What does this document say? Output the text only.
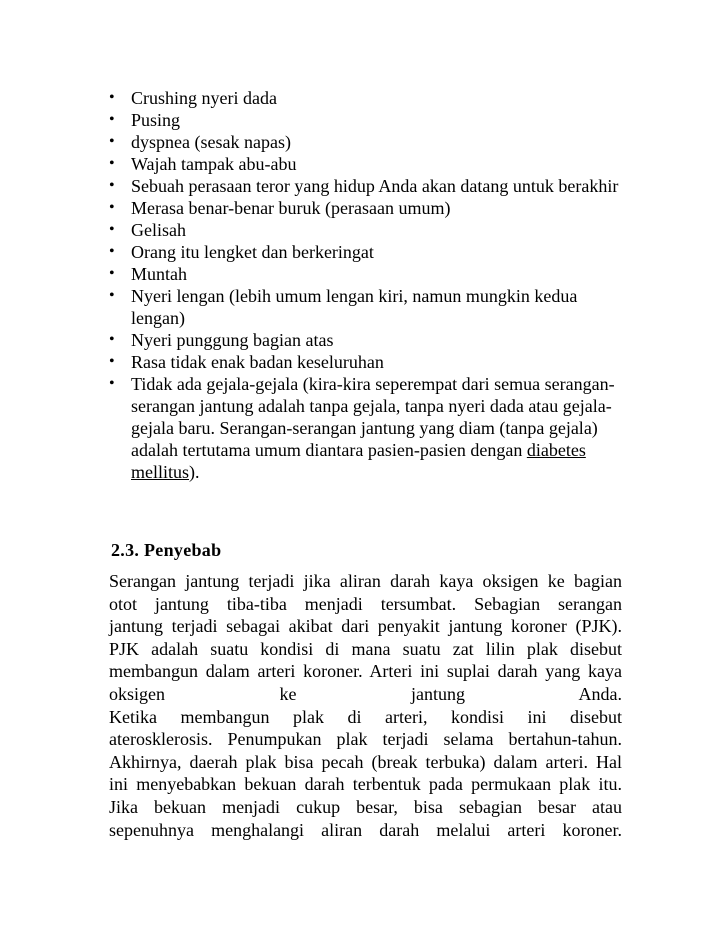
• Crushing nyeri dada
• Pusing
• dyspnea (sesak napas)
• Wajah tampak abu-abu
• Sebuah perasaan teror yang hidup Anda akan datang untuk berakhir
• Merasa benar-benar buruk (perasaan umum)
• Gelisah
• Orang itu lengket dan berkeringat
• Muntah
• Nyeri lengan (lebih umum lengan kiri, namun mungkin kedua lengan)
• Nyeri punggung bagian atas
• Rasa tidak enak badan keseluruhan
• Tidak ada gejala-gejala (kira-kira seperempat dari semua serangan-serangan jantung adalah tanpa gejala, tanpa nyeri dada atau gejala-gejala baru. Serangan-serangan jantung yang diam (tanpa gejala) adalah tertutama umum diantara pasien-pasien dengan diabetes mellitus).
2.3. Penyebab

Serangan jantung terjadi jika aliran darah kaya oksigen ke bagian
otot jantung tiba-tiba menjadi tersumbat. Sebagian serangan
jantung terjadi sebagai akibat dari penyakit jantung koroner (PJK).
PJK adalah suatu kondisi di mana suatu zat lilin plak disebut
membangun dalam arteri koroner. Arteri ini suplai darah yang kaya
oksigen ke jantung Anda.
Ketika membangun plak di arteri, kondisi ini disebut
aterosklerosis. Penumpukan plak terjadi selama bertahun-tahun.
Akhirnya, daerah plak bisa pecah (break terbuka) dalam arteri. Hal
ini menyebabkan bekuan darah terbentuk pada permukaan plak itu.
Jika bekuan menjadi cukup besar, bisa sebagian besar atau
sepenuhnya menghalangi aliran darah melalui arteri koroner.
